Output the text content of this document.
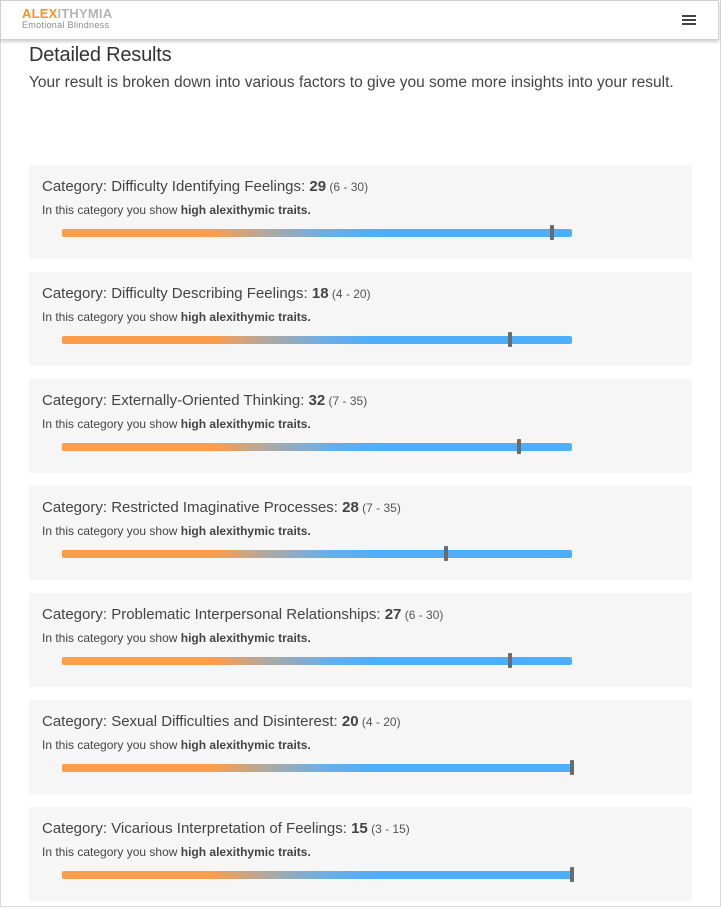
ALEXITHYMIA
Emotional Blindness
Detailed Results

Your result is broken down into various factors to give you some more insights into your result.

Category: Difficulty Identifying Feelings: 29 (6 - 30)
In this category you show high alexithymic traits.
Category: Difficulty Describing Feelings: 18 (4 - 20)
In this category you show high alexithymic traits.
Category: Externally-Oriented Thinking: 32 (7 - 35)
In this category you show high alexithymic traits.
Category: Restricted Imaginative Processes: 28 (7 - 35)
In this category you show high alexithymic traits.
Category: Problematic Interpersonal Relationships: 27 (6 - 30)
In this category you show high alexithymic traits.
Category: Sexual Difficulties and Disinterest: 20 (4 - 20)
In this category you show high alexithymic traits.
Category: Vicarious Interpretation of Feelings: 15 (3 - 15)
In this category you show high alexithymic traits.
